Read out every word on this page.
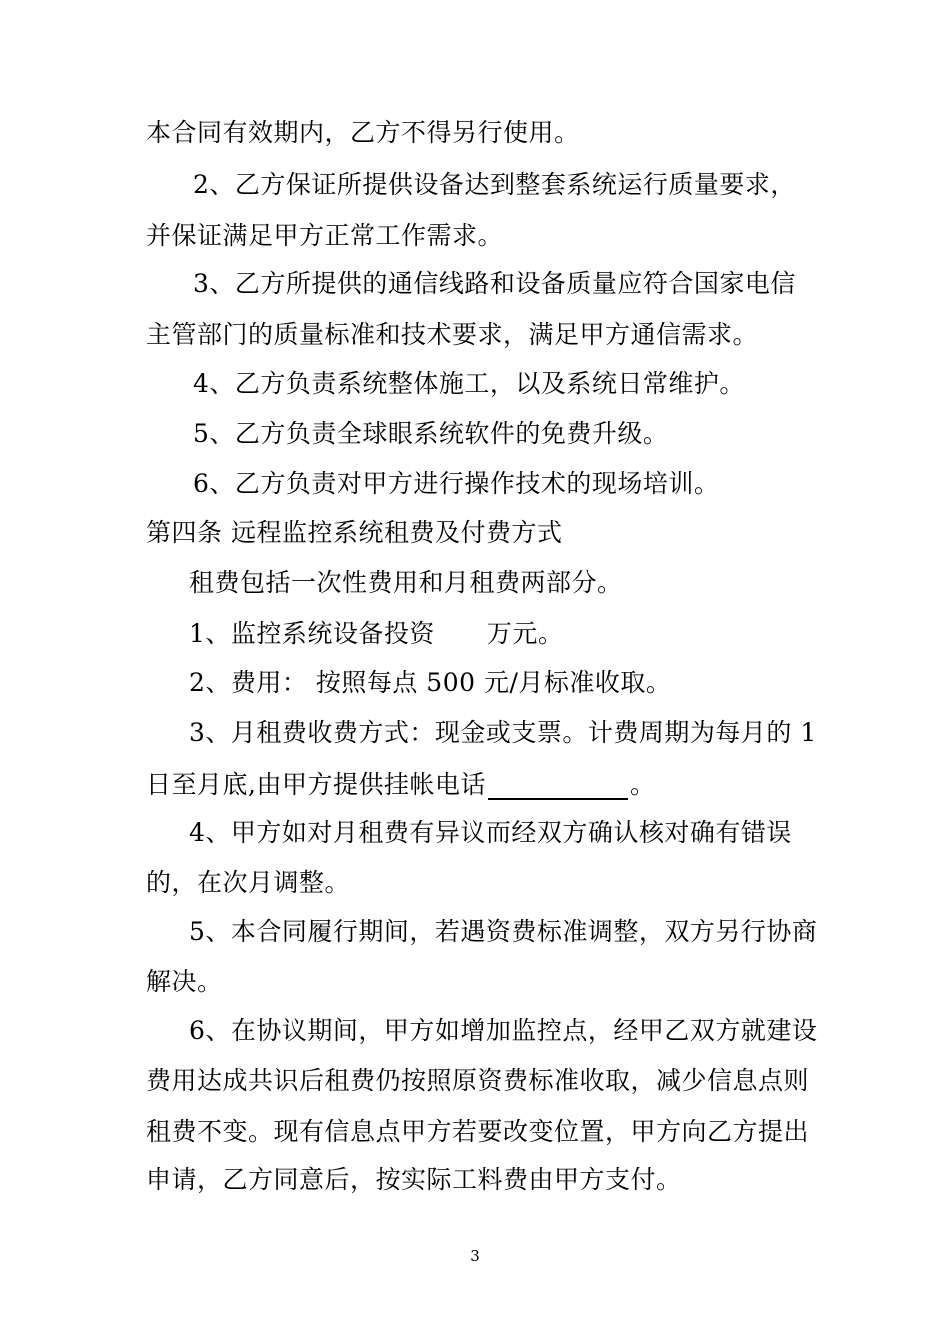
本合同有效期内，乙方不得另行使用。
2、乙方保证所提供设备达到整套系统运行质量要求，
并保证满足甲方正常工作需求。
3、乙方所提供的通信线路和设备质量应符合国家电信
主管部门的质量标准和技术要求，满足甲方通信需求。
4、乙方负责系统整体施工，以及系统日常维护。
5、乙方负责全球眼系统软件的免费升级。
6、乙方负责对甲方进行操作技术的现场培训。
第四条 远程监控系统租费及付费方式
租费包括一次性费用和月租费两部分。
1、监控系统设备投资 万元。
2、费用： 按照每点 500 元/月标准收取。
3、月租费收费方式：现金或支票。计费周期为每月的 1
日至月底,由甲方提供挂帐电话	。
4、甲方如对月租费有异议而经双方确认核对确有错误
的，在次月调整。
5、本合同履行期间，若遇资费标准调整，双方另行协商
解决。
6、在协议期间，甲方如增加监控点，经甲乙双方就建设
费用达成共识后租费仍按照原资费标准收取，减少信息点则
租费不变。现有信息点甲方若要改变位置，甲方向乙方提出
申请，乙方同意后，按实际工料费由甲方支付。
3
